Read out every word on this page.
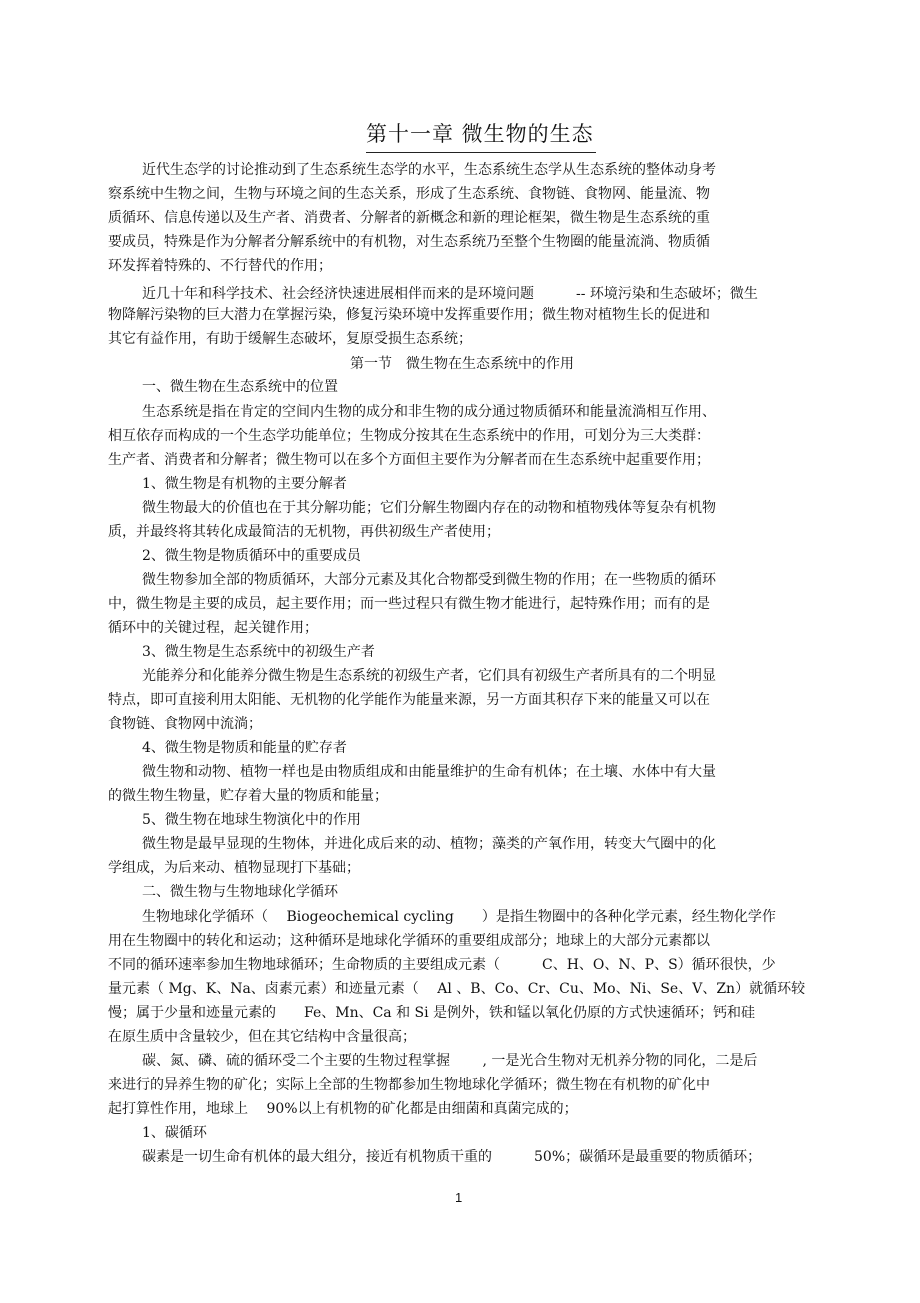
第十一章 微生物的生态
近代生态学的讨论推动到了生态系统生态学的水平，生态系统生态学从生态系统的整体动身考
察系统中生物之间，生物与环境之间的生态关系，形成了生态系统、食物链、食物网、能量流、物
质循环、信息传递以及生产者、消费者、分解者的新概念和新的理论框架，微生物是生态系统的重
要成员，特殊是作为分解者分解系统中的有机物，对生态系统乃至整个生物圈的能量流淌、物质循
环发挥着特殊的、不行替代的作用；
近几十年和科学技术、社会经济快速进展相伴而来的是环境问题　　　-- 环境污染和生态破坏；微生
物降解污染物的巨大潜力在掌握污染，修复污染环境中发挥重要作用；微生物对植物生长的促进和
其它有益作用，有助于缓解生态破坏，复原受损生态系统；
第一节　微生物在生态系统中的作用
一、微生物在生态系统中的位置
生态系统是指在肯定的空间内生物的成分和非生物的成分通过物质循环和能量流淌相互作用、
相互依存而构成的一个生态学功能单位；生物成分按其在生态系统中的作用，可划分为三大类群：
生产者、消费者和分解者；微生物可以在多个方面但主要作为分解者而在生态系统中起重要作用；
1、微生物是有机物的主要分解者
微生物最大的价值也在于其分解功能；它们分解生物圈内存在的动物和植物残体等复杂有机物
质，并最终将其转化成最简洁的无机物，再供初级生产者使用；
2、微生物是物质循环中的重要成员
微生物参加全部的物质循环，大部分元素及其化合物都受到微生物的作用；在一些物质的循环
中，微生物是主要的成员，起主要作用；而一些过程只有微生物才能进行，起特殊作用；而有的是
循环中的关键过程，起关键作用；
3、微生物是生态系统中的初级生产者
光能养分和化能养分微生物是生态系统的初级生产者，它们具有初级生产者所具有的二个明显
特点，即可直接利用太阳能、无机物的化学能作为能量来源，另一方面其积存下来的能量又可以在
食物链、食物网中流淌；
4、微生物是物质和能量的贮存者
微生物和动物、植物一样也是由物质组成和由能量维护的生命有机体；在土壤、水体中有大量
的微生物生物量，贮存着大量的物质和能量；
5、微生物在地球生物演化中的作用
微生物是最早显现的生物体，并进化成后来的动、植物；藻类的产氧作用，转变大气圈中的化
学组成，为后来动、植物显现打下基础；
二、微生物与生物地球化学循环
生物地球化学循环（　 Biogeochemical cycling　　）是指生物圈中的各种化学元素，经生物化学作
用在生物圈中的转化和运动；这种循环是地球化学循环的重要组成部分；地球上的大部分元素都以
不同的循环速率参加生物地球循环；生命物质的主要组成元素（　　　C、H、O、N、P、S）循环很快，少
量元素（ Mg、K、Na、卤素元素）和迹量元素（　 Al 、B、Co、Cr、Cu、Mo、Ni、Se、V、Zn）就循环较
慢；属于少量和迹量元素的　　Fe、Mn、Ca 和 Si 是例外，铁和锰以氧化仍原的方式快速循环；钙和硅
在原生质中含量较少，但在其它结构中含量很高；
碳、氮、磷、硫的循环受二个主要的生物过程掌握　　 , 一是光合生物对无机养分物的同化，二是后
来进行的异养生物的矿化；实际上全部的生物都参加生物地球化学循环；微生物在有机物的矿化中
起打算性作用，地球上　 90%以上有机物的矿化都是由细菌和真菌完成的；
1、碳循环
碳素是一切生命有机体的最大组分，接近有机物质干重的　　　50%；碳循环是最重要的物质循环；
1
